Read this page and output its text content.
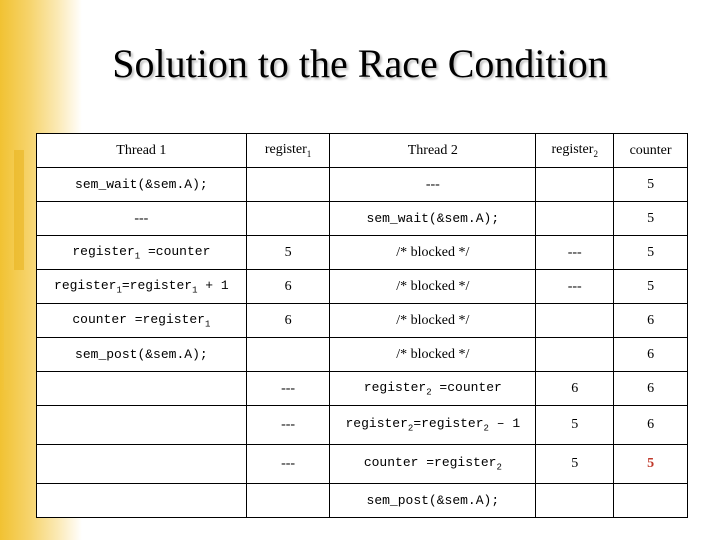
Solution to the Race Condition
Thread 1	register$_1$	Thread 2	register$_2$	counter
sem_wait(&sem.A);		---		5
---		sem_wait(&sem.A);		5
register$_1$ =counter	5	/* blocked */	---	5
register$_1$=register$_1$ + 1	6	/* blocked */	---	5
counter =register$_1$	6	/* blocked */		6
sem_post(&sem.A);		/* blocked */		6
	---	register$_2$ =counter	6	6
	---	register$_2$=register$_2$ – 1	5	6
	---	counter =register$_2$	5	5
		sem_post(&sem.A);		
